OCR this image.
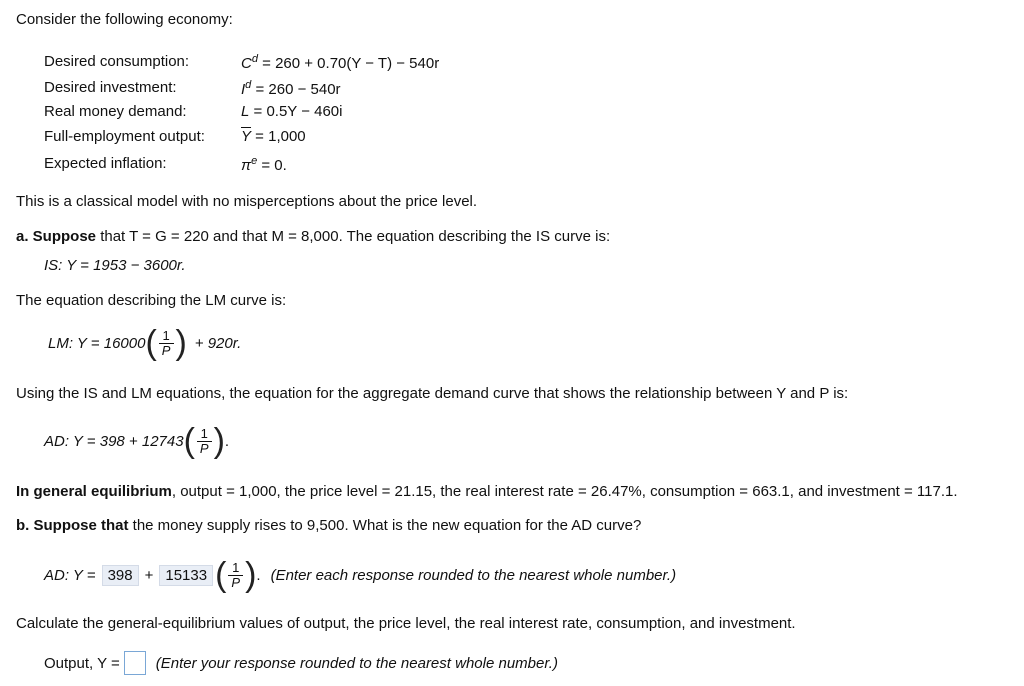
Consider the following economy:
Desired consumption:	$C^d = 260 + 0.70(Y - T) - 540r$
Desired investment:	$I^d = 260 - 540r$
Real money demand:	L = 0.5Y − 460i
Full-employment output: $\overline{Y} = 1,000$
Expected inflation:	$\pi^e = 0$.
This is a classical model with no misperceptions about the price level.
a. Suppose that T = G = 220 and that M = 8,000. The equation describing the IS curve is:
IS: Y = 1953 − 3600r.
The equation describing the LM curve is:
LM: Y = 16000 ( $\frac{1}{P}$ ) + 920r.
Using the IS and LM equations, the equation for the aggregate demand curve that shows the relationship between Y and P is:
AD: Y = 398 + 12743 ( $\frac{1}{P}$ ) .
In general equilibrium, output = 1,000, the price level = 21.15, the real interest rate = 26.47%, consumption = 663.1, and investment = 117.1.
b. Suppose that the money supply rises to 9,500. What is the new equation for the AD curve?
AD: Y = 398 + 15133 ( $\frac{1}{P}$ ) . (Enter each response rounded to the nearest whole number.)
Calculate the general-equilibrium values of output, the price level, the real interest rate, consumption, and investment.
Output, Y = (Enter your response rounded to the nearest whole number.)
